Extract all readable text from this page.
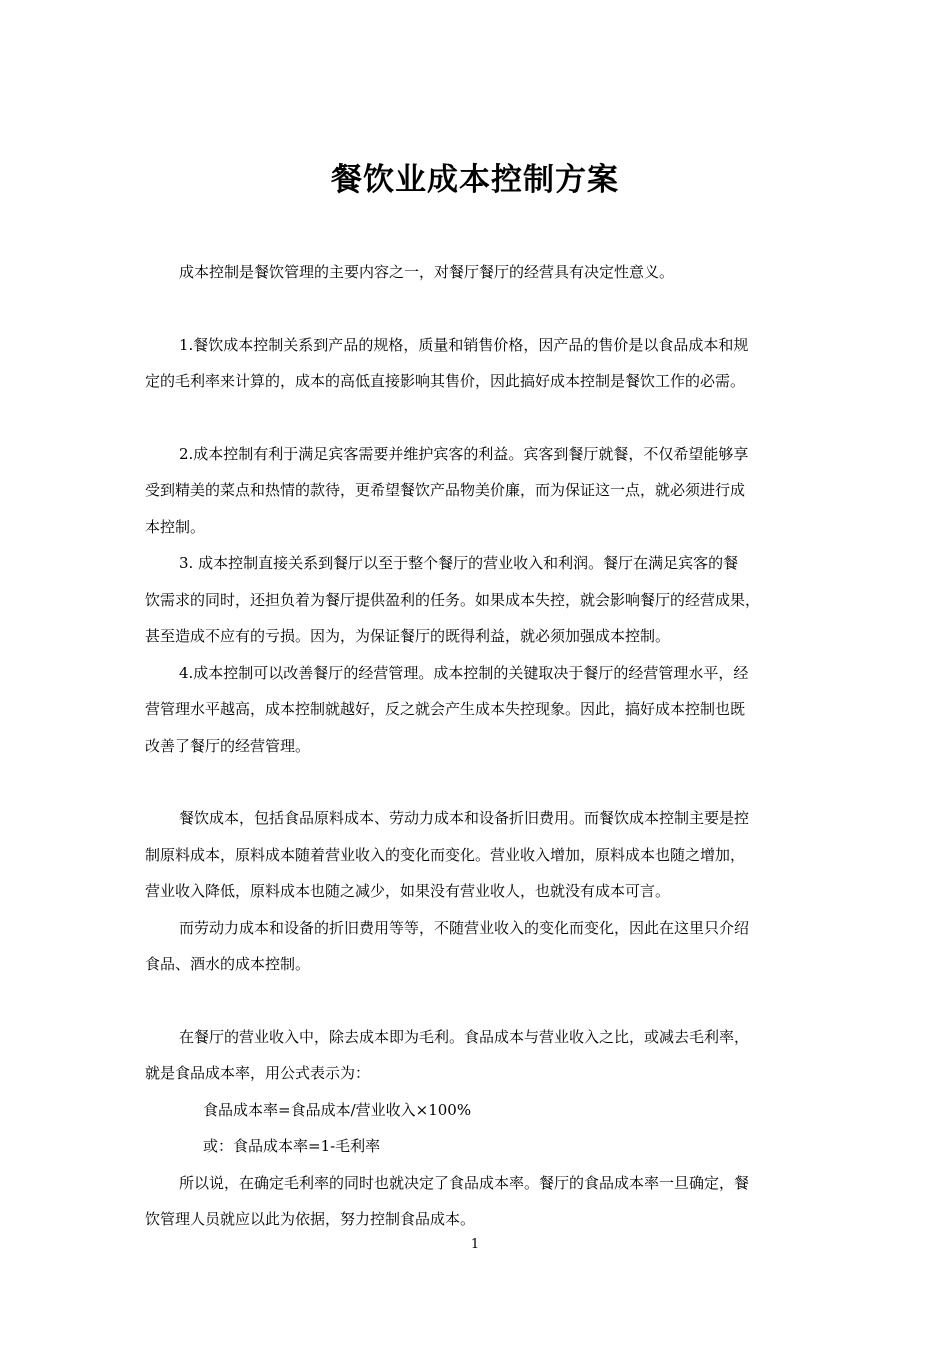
餐饮业成本控制方案

成本控制是餐饮管理的主要内容之一，对餐厅餐厅的经营具有决定性意义。

1.餐饮成本控制关系到产品的规格，质量和销售价格，因产品的售价是以食品成本和规

定的毛利率来计算的，成本的高低直接影响其售价，因此搞好成本控制是餐饮工作的必需。

2.成本控制有利于满足宾客需要并维护宾客的利益。宾客到餐厅就餐，不仅希望能够享

受到精美的菜点和热情的款待，更希望餐饮产品物美价廉，而为保证这一点，就必须进行成

本控制。

3. 成本控制直接关系到餐厅以至于整个餐厅的营业收入和利润。餐厅在满足宾客的餐

饮需求的同时，还担负着为餐厅提供盈利的任务。如果成本失控，就会影响餐厅的经营成果，

甚至造成不应有的亏损。因为，为保证餐厅的既得利益，就必须加强成本控制。

4.成本控制可以改善餐厅的经营管理。成本控制的关键取决于餐厅的经营管理水平，经

营管理水平越高，成本控制就越好，反之就会产生成本失控现象。因此，搞好成本控制也既

改善了餐厅的经营管理。

餐饮成本，包括食品原料成本、劳动力成本和设备折旧费用。而餐饮成本控制主要是控

制原料成本，原料成本随着营业收入的变化而变化。营业收入增加，原料成本也随之增加，

营业收入降低，原料成本也随之减少，如果没有营业收人，也就没有成本可言。

而劳动力成本和设备的折旧费用等等，不随营业收入的变化而变化，因此在这里只介绍

食品、酒水的成本控制。

在餐厅的营业收入中，除去成本即为毛利。食品成本与营业收入之比，或减去毛利率，

就是食品成本率，用公式表示为：

食品成本率=食品成本/营业收入×100%

或：食品成本率=1-毛利率

所以说，在确定毛利率的同时也就决定了食品成本率。餐厅的食品成本率一旦确定，餐

饮管理人员就应以此为依据，努力控制食品成本。

1
